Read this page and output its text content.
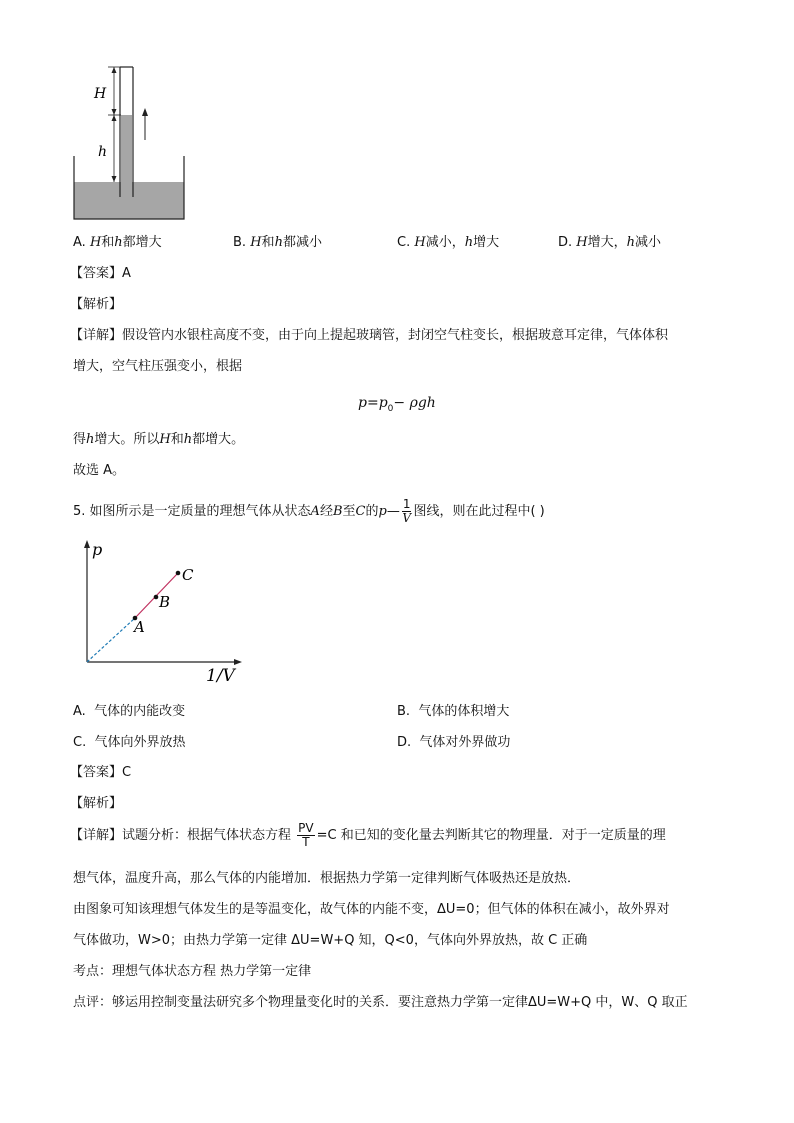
H
h
A. H和h都增大	B. H和h都减小	C. H减小，h增大	D. H增大，h减小
【答案】A
【解析】
【详解】假设管内水银柱高度不变，由于向上提起玻璃管，封闭空气柱变长，根据玻意耳定律，气体体积
增大，空气柱压强变小，根据
$p=p_0- \rho gh$
得h增大。所以H和h都增大。
故选 A。
5. 如图所示是一定质量的理想气体从状态A经B至C的p— $\frac{1}{V}$ 图线，则在此过程中( )
p
1/V
A
B
C
A. 气体的内能改变	B. 气体的体积增大
C. 气体向外界放热	D. 气体对外界做功
【答案】C
【解析】
【详解】试题分析：根据气体状态方程 $\frac{PV}{T} =C$ 和已知的变化量去判断其它的物理量．对于一定质量的理
想气体，温度升高，那么气体的内能增加．根据热力学第一定律判断气体吸热还是放热．
由图象可知该理想气体发生的是等温变化，故气体的内能不变，ΔU=0；但气体的体积在减小，故外界对
气体做功，W>0；由热力学第一定律 ΔU=W+Q 知，Q<0，气体向外界放热，故 C 正确
考点：理想气体状态方程 热力学第一定律
点评：够运用控制变量法研究多个物理量变化时的关系．要注意热力学第一定律ΔU=W+Q 中，W、Q 取正
